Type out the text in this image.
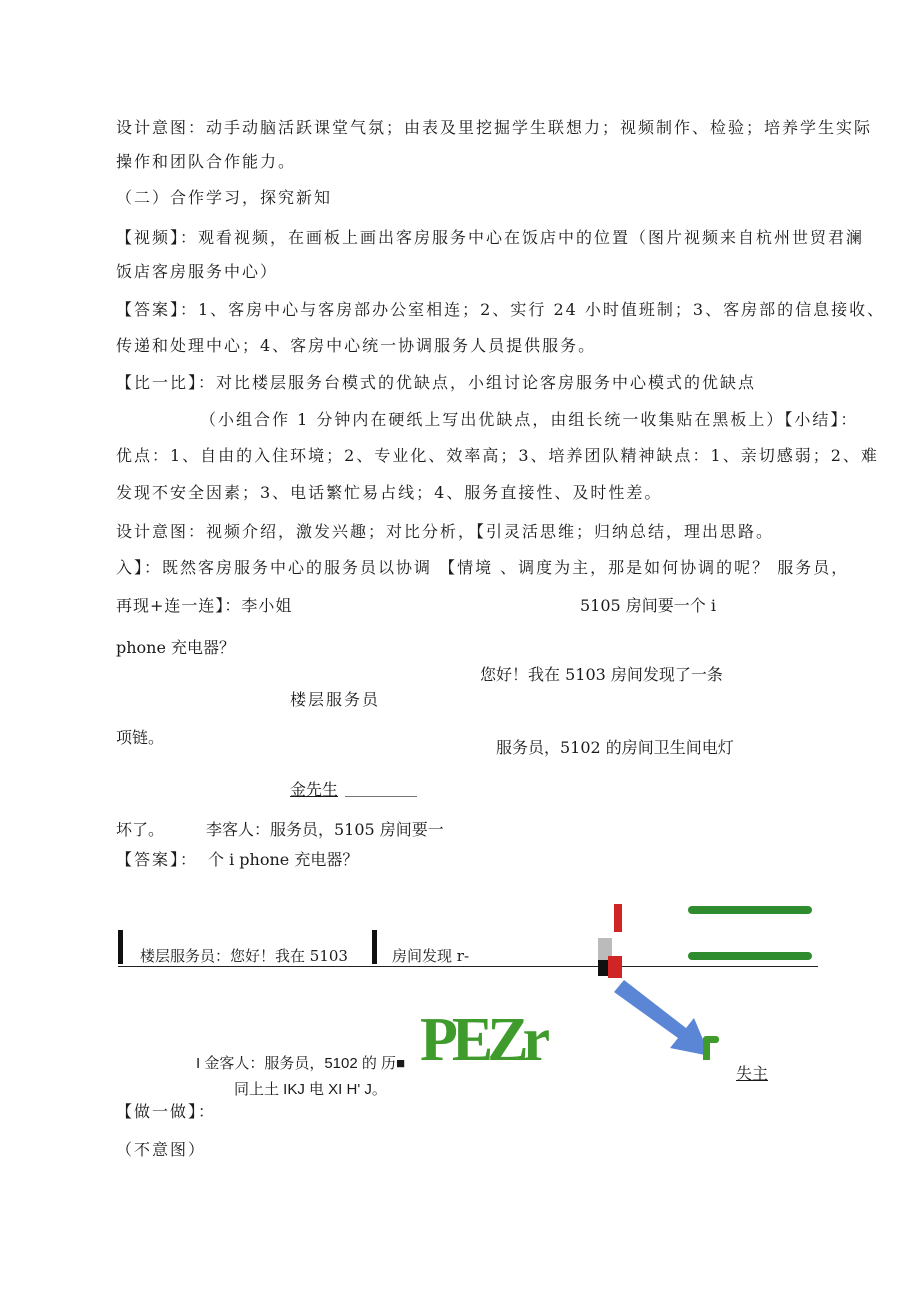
设计意图：动手动脑活跃课堂气氛；由表及里挖掘学生联想力；视频制作、检验；培养学生实际

操作和团队合作能力。

（二）合作学习，探究新知

【视频】：观看视频，在画板上画出客房服务中心在饭店中的位置（图片视频来自杭州世贸君澜

饭店客房服务中心）

【答案】：1、客房中心与客房部办公室相连；2、实行 24 小时值班制；3、客房部的信息接收、

传递和处理中心；4、客房中心统一协调服务人员提供服务。

【比一比】：对比楼层服务台模式的优缺点，小组讨论客房服务中心模式的优缺点

（小组合作 1 分钟内在硬纸上写出优缺点，由组长统一收集贴在黑板上）【小结】：

优点：1、自由的入住环境；2、专业化、效率高；3、培养团队精神缺点：1、亲切感弱；2、难

发现不安全因素；3、电话繁忙易占线；4、服务直接性、及时性差。

设计意图：视频介绍，激发兴趣；对比分析，【引灵活思维；归纳总结，理出思路。

入】：既然客房服务中心的服务员以协调 【情境 、调度为主，那是如何协调的呢？ 服务员，

再现+连一连】：李小姐	5105 房间要一个 i

phone 充电器？

您好！我在 5103 房间发现了一条

楼层服务员

项链。

服务员，5102 的房间卫生间电灯

金先生 _________

坏了。	李客人：服务员，5105 房间要一

【答案】： 个 i phone 充电器？

楼层服务员：您好！我在 5103	房间发现 r-

PEZr

I 金客人：服务员，5102 的 历■

同上土 IKJ 电 XI H' J。

失主

【做一做】：

（不意图）
